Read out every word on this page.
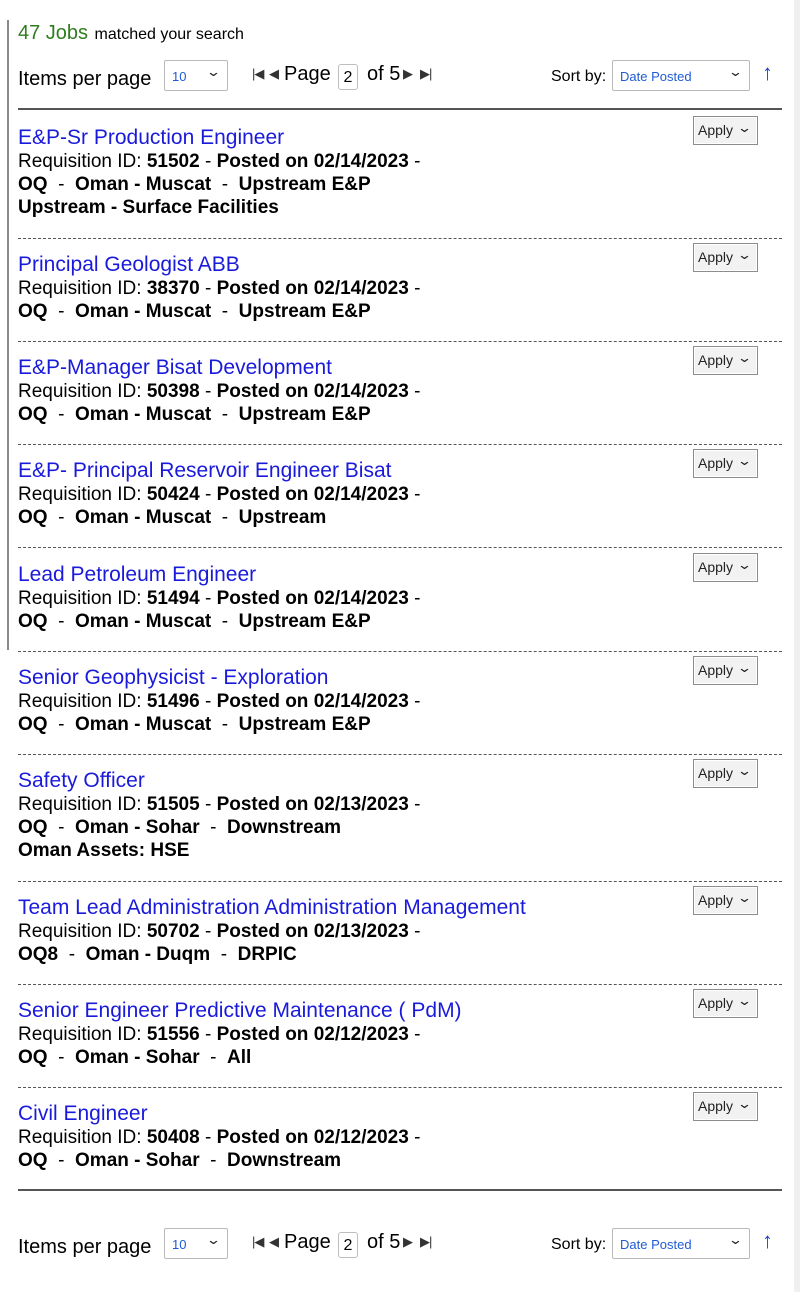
47 Jobs matched your search
Items per page 10 ⌄ |◀ ◀ Page 2 of 5 ▶ ▶|	Sort by: Date Posted	⌄ ↑
E&P-Sr Production Engineer
Requisition ID: 51502 - Posted on 02/14/2023 -
OQ - Oman - Muscat - Upstream E&P
Upstream - Surface Facilities
Apply ⌄
Principal Geologist ABB
Requisition ID: 38370 - Posted on 02/14/2023 -
OQ - Oman - Muscat - Upstream E&P
Apply ⌄
E&P-Manager Bisat Development
Requisition ID: 50398 - Posted on 02/14/2023 -
OQ - Oman - Muscat - Upstream E&P
Apply ⌄
E&P- Principal Reservoir Engineer Bisat
Requisition ID: 50424 - Posted on 02/14/2023 -
OQ - Oman - Muscat - Upstream
Apply ⌄
Lead Petroleum Engineer
Requisition ID: 51494 - Posted on 02/14/2023 -
OQ - Oman - Muscat - Upstream E&P
Apply ⌄
Senior Geophysicist - Exploration
Requisition ID: 51496 - Posted on 02/14/2023 -
OQ - Oman - Muscat - Upstream E&P
Apply ⌄
Safety Officer
Requisition ID: 51505 - Posted on 02/13/2023 -
OQ - Oman - Sohar - Downstream
Oman Assets: HSE
Apply ⌄
Team Lead Administration Administration Management
Requisition ID: 50702 - Posted on 02/13/2023 -
OQ8 - Oman - Duqm - DRPIC
Apply ⌄
Senior Engineer Predictive Maintenance ( PdM)
Requisition ID: 51556 - Posted on 02/12/2023 -
OQ - Oman - Sohar - All
Apply ⌄
Civil Engineer
Requisition ID: 50408 - Posted on 02/12/2023 -
OQ - Oman - Sohar - Downstream
Apply ⌄
Items per page 10 ⌄ |◀ ◀ Page 2 of 5 ▶ ▶|	Sort by: Date Posted	⌄ ↑
